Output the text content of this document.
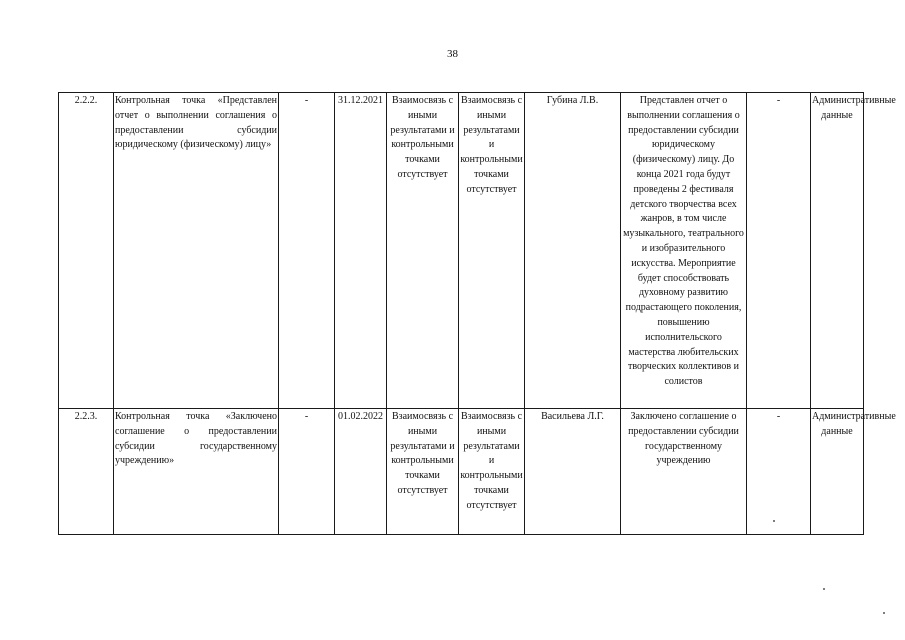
38
2.2.2.	Контрольная точка «Представлен отчет о выполнении соглашения о предоставлении субсидии юридическому (физическому) лицу»	-	31.12.2021	Взаимосвязь с иными результатами и контрольными точками отсутствует	Взаимосвязь с иными результатами и контрольными точками отсутствует	Губина Л.В.	Представлен отчет о выполнении соглашения о предоставлении субсидии юридическому (физическому) лицу. До конца 2021 года будут проведены 2 фестиваля детского творчества всех жанров, в том числе музыкального, театрального и изобразительного искусства. Мероприятие будет способствовать духовному развитию подрастающего поколения, повышению исполнительского мастерства любительских творческих коллективов и солистов	-	Административные данные
2.2.3.	Контрольная точка «Заключено соглашение о предоставлении субсидии государственному учреждению»	-	01.02.2022	Взаимосвязь с иными результатами и контрольными точками отсутствует	Взаимосвязь с иными результатами и контрольными точками отсутствует	Васильева Л.Г.	Заключено соглашение о предоставлении субсидии государственному учреждению	-	Административные данные
